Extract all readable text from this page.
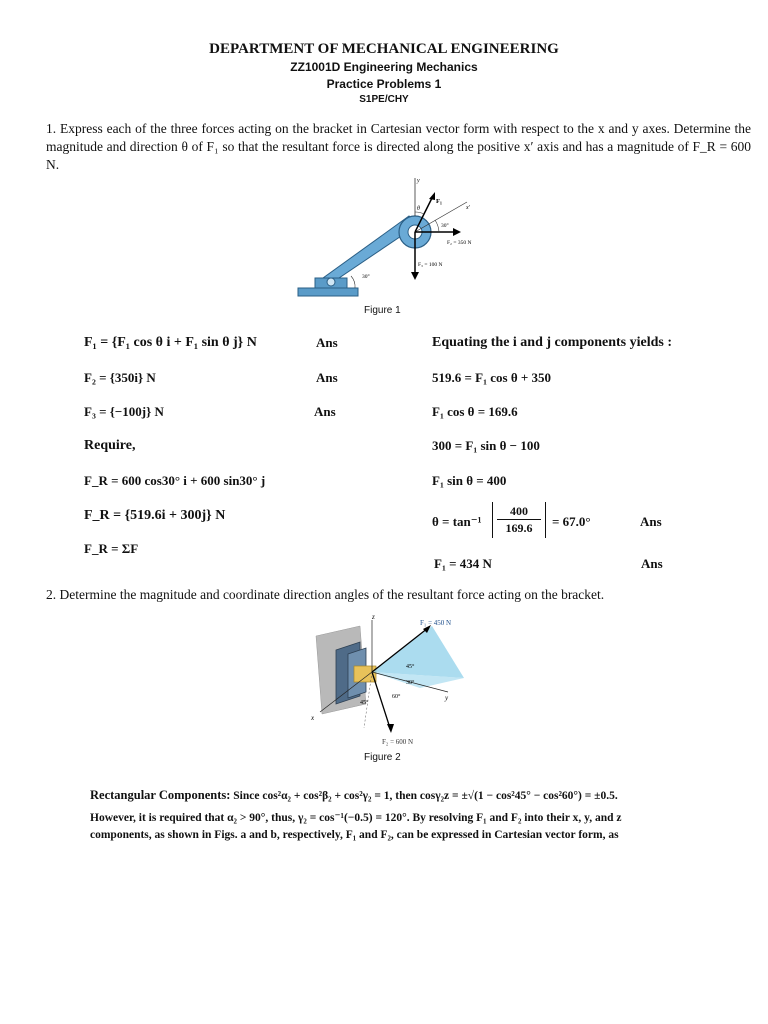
DEPARTMENT OF MECHANICAL ENGINEERING
ZZ1001D Engineering Mechanics
Practice Problems 1
S1PE/CHY
1. Express each of the three forces acting on the bracket in Cartesian vector form with respect to the x and y axes. Determine the magnitude and direction θ of F₁ so that the resultant force is directed along the positive x′ axis and has a magnitude of F_R = 600 N.
y
F₁
θ	x′
30°
F₂ = 350 N
F₃ = 100 N
30°
Figure 1
F₁ = {F₁ cos θ i + F₁ sin θ j} N	Ans
F₂ = {350i} N	Ans
F₃ = {−100j} N	Ans
Require,
F_R = 600 cos30° i + 600 sin30° j
F_R = {519.6i + 300j} N
F_R = ΣF
Equating the i and j components yields :
519.6 = F₁ cos θ + 350
F₁ cos θ = 169.6
300 = F₁ sin θ − 100
F₁ sin θ = 400
$\theta = \tan^{-1} \frac{400}{169.6} = 67.0^\circ$	Ans
F₁ = 434 N	Ans
2. Determine the magnitude and coordinate direction angles of the resultant force acting on the bracket.
z
F₁ = 450 N
45°
30°
60°
45°
y
x
F₂ = 600 N
Figure 2
Rectangular Components: Since cos²α₂ + cos²β₂ + cos²γ₂ = 1, then cosγ₂z = ±√(1 − cos²45° − cos²60°) = ±0.5.
However, it is required that α₂ > 90°, thus, γ₂ = cos⁻¹(−0.5) = 120°. By resolving F₁ and F₂ into their x, y, and z
components, as shown in Figs. a and b, respectively, F₁ and F₂, can be expressed in Cartesian vector form, as
